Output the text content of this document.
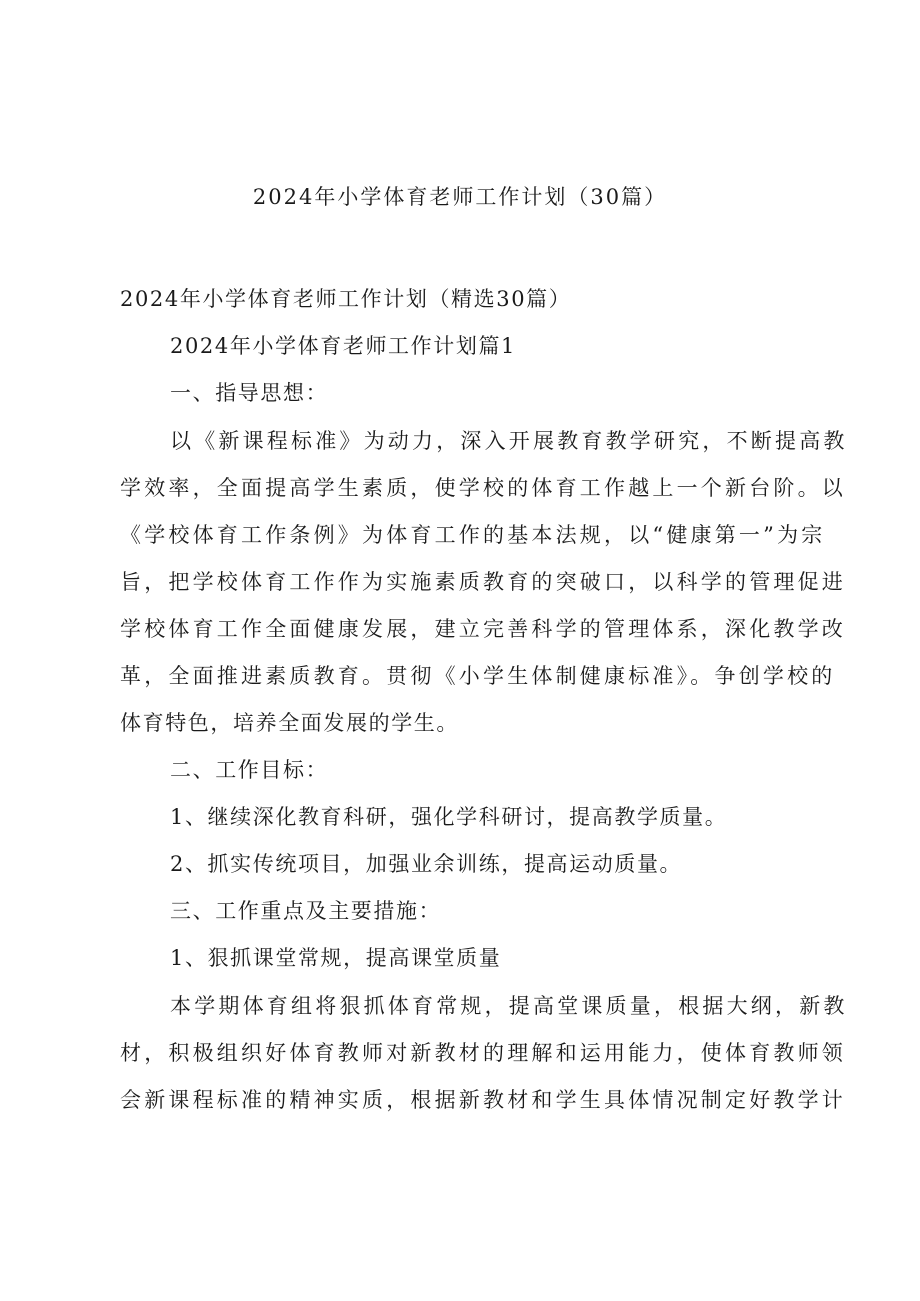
2024年小学体育老师工作计划（30篇）
2024年小学体育老师工作计划（精选30篇）
2024年小学体育老师工作计划篇1
一、指导思想：
以《新课程标准》为动力，深入开展教育教学研究，不断提高教
学效率，全面提高学生素质，使学校的体育工作越上一个新台阶。以
《学校体育工作条例》为体育工作的基本法规，以“健康第一”为宗
旨，把学校体育工作作为实施素质教育的突破口，以科学的管理促进
学校体育工作全面健康发展，建立完善科学的管理体系，深化教学改
革，全面推进素质教育。贯彻《小学生体制健康标准》。争创学校的
体育特色，培养全面发展的学生。
二、工作目标：
1、继续深化教育科研，强化学科研讨，提高教学质量。
2、抓实传统项目，加强业余训练，提高运动质量。
三、工作重点及主要措施：
1、狠抓课堂常规，提高课堂质量
本学期体育组将狠抓体育常规，提高堂课质量，根据大纲，新教
材，积极组织好体育教师对新教材的理解和运用能力，使体育教师领
会新课程标准的精神实质，根据新教材和学生具体情况制定好教学计
